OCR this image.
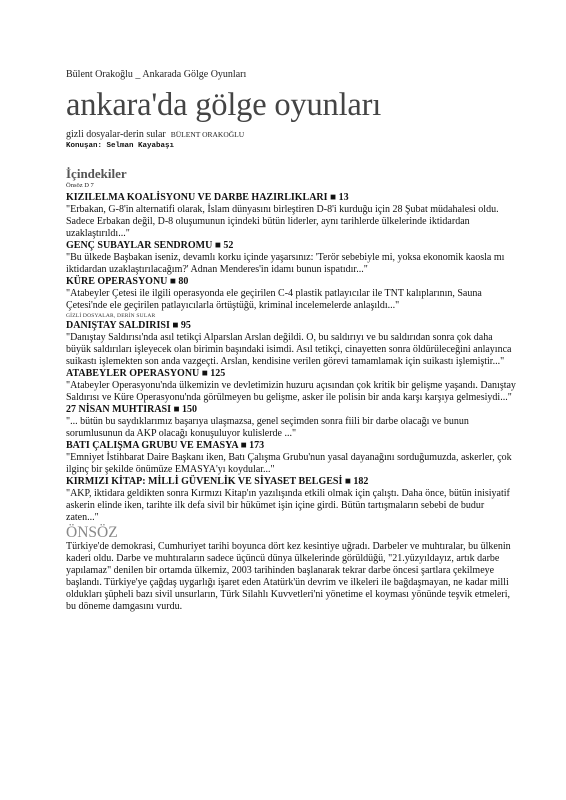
Bülent Orakoğlu _ Ankarada Gölge Oyunları
ankara'da gölge oyunları
gizli dosyalar-derin sular BÜLENT ORAKOĞLU
Konuşan: Selman Kayabaşı
İçindekiler
Önsöz D 7

KIZILELMA KOALİSYONU VE DARBE HAZIRLIKLARI ■ 13

"Erbakan, G-8'in alternatifi olarak, İslam dünyasını birleştiren D-8'i kurduğu için 28 Şubat müdahalesi oldu. Sadece Erbakan değil, D-8 oluşumunun içindeki bütün liderler, aynı tarihlerde ülkelerinde iktidardan uzaklaştırıldı..."

GENÇ SUBAYLAR SENDROMU ■ 52

"Bu ülkede Başbakan iseniz, devamlı korku içinde yaşarsınız: 'Terör sebebiyle mi, yoksa ekonomik kaosla mı iktidardan uzaklaştırılacağım?' Adnan Menderes'in idamı bunun ispatıdır..."

KÜRE OPERASYONU ■ 80

"Atabeyler Çetesi ile ilgili operasyonda ele geçirilen C-4 plastik patlayıcılar ile TNT kalıplarının, Sauna Çetesi'nde ele geçirilen patlayıcılarla örtüştüğü, kriminal incelemelerde anlaşıldı..."

GİZLİ DOSYALAR, DERİN SULAR

DANIŞTAY SALDIRISI ■ 95

"Danıştay Saldırısı'nda asıl tetikçi Alparslan Arslan değildi. O, bu saldırıyı ve bu saldırıdan sonra çok daha büyük saldırıları işleyecek olan birimin başındaki isimdi. Asıl tetikçi, cinayetten sonra öldürüleceğini anlayınca suikastı işlemekten son anda vazgeçti. Arslan, kendisine verilen görevi tamamlamak için suikastı işlemiştir..."

ATABEYLER OPERASYONU ■ 125

"Atabeyler Operasyonu'nda ülkemizin ve devletimizin huzuru açısından çok kritik bir gelişme yaşandı. Danıştay Saldırısı ve Küre Operasyonu'nda görülmeyen bu gelişme, asker ile polisin bir anda karşı karşıya gelmesiydi..."

27 NİSAN MUHTIRASI ■ 150

"... bütün bu saydıklarımız başarıya ulaşmazsa, genel seçimden sonra fiili bir darbe olacağı ve bunun sorumlusunun da AKP olacağı konuşuluyor kulislerde ..."

BATI ÇALIŞMA GRUBU VE EMASYA ■ 173

"Emniyet İstihbarat Daire Başkanı iken, Batı Çalışma Grubu'nun yasal dayanağını sorduğumuzda, askerler, çok ilginç bir şekilde önümüze EMASYA'yı koydular..."

KIRMIZI KİTAP: MİLLİ GÜVENLİK VE SİYASET BELGESİ ■ 182

"AKP, iktidara geldikten sonra Kırmızı Kitap'ın yazılışında etkili olmak için çalıştı. Daha önce, bütün inisiyatif askerin elinde iken, tarihte ilk defa sivil bir hükümet işin içine girdi. Bütün tartışmaların sebebi de budur zaten..."

ÖNSÖZ

Türkiye'de demokrasi, Cumhuriyet tarihi boyunca dört kez kesintiye uğradı. Darbeler ve muhtıralar, bu ülkenin kaderi oldu. Darbe ve muhtıraların sadece üçüncü dünya ülkelerinde görüldüğü, "21.yüzyıldayız, artık darbe yapılamaz" denilen bir ortamda ülkemiz, 2003 tarihinden başlanarak tekrar darbe öncesi şartlara çekilmeye başlandı. Türkiye'ye çağdaş uygarlığı işaret eden Atatürk'ün devrim ve ilkeleri ile bağdaşmayan, ne kadar milli oldukları şüpheli bazı sivil unsurların, Türk Silahlı Kuvvetleri'ni yönetime el koyması yönünde teşvik etmeleri, bu döneme damgasını vurdu.
